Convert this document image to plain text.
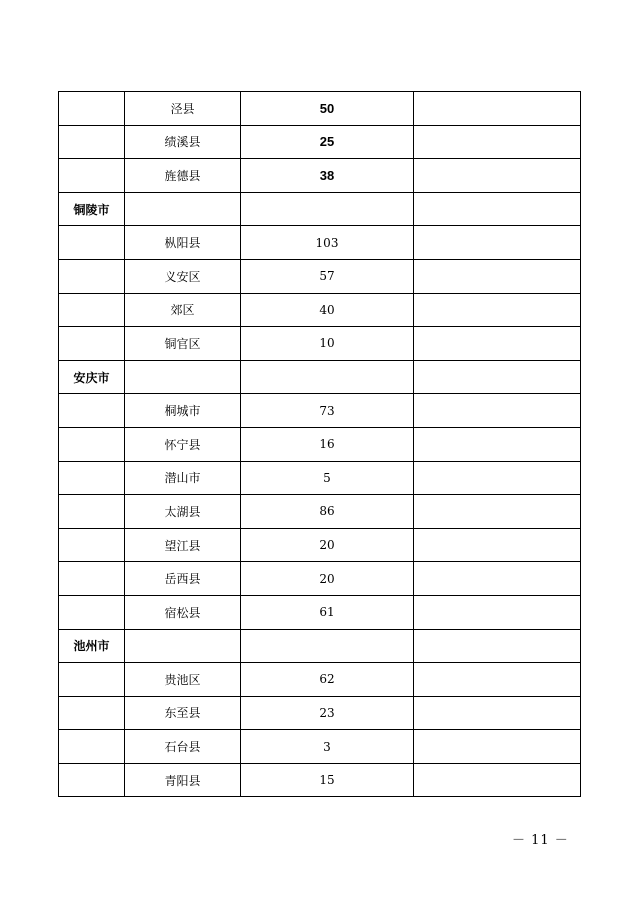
	泾县	50	
	绩溪县	25	
	旌德县	38	
铜陵市			
	枞阳县	103	
	义安区	57	
	郊区	40	
	铜官区	10	
安庆市			
	桐城市	73	
	怀宁县	16	
	潜山市	5	
	太湖县	86	
	望江县	20	
	岳西县	20	
	宿松县	61	
池州市			
	贵池区	62	
	东至县	23	
	石台县	3	
	青阳县	15	
－ 11 －
